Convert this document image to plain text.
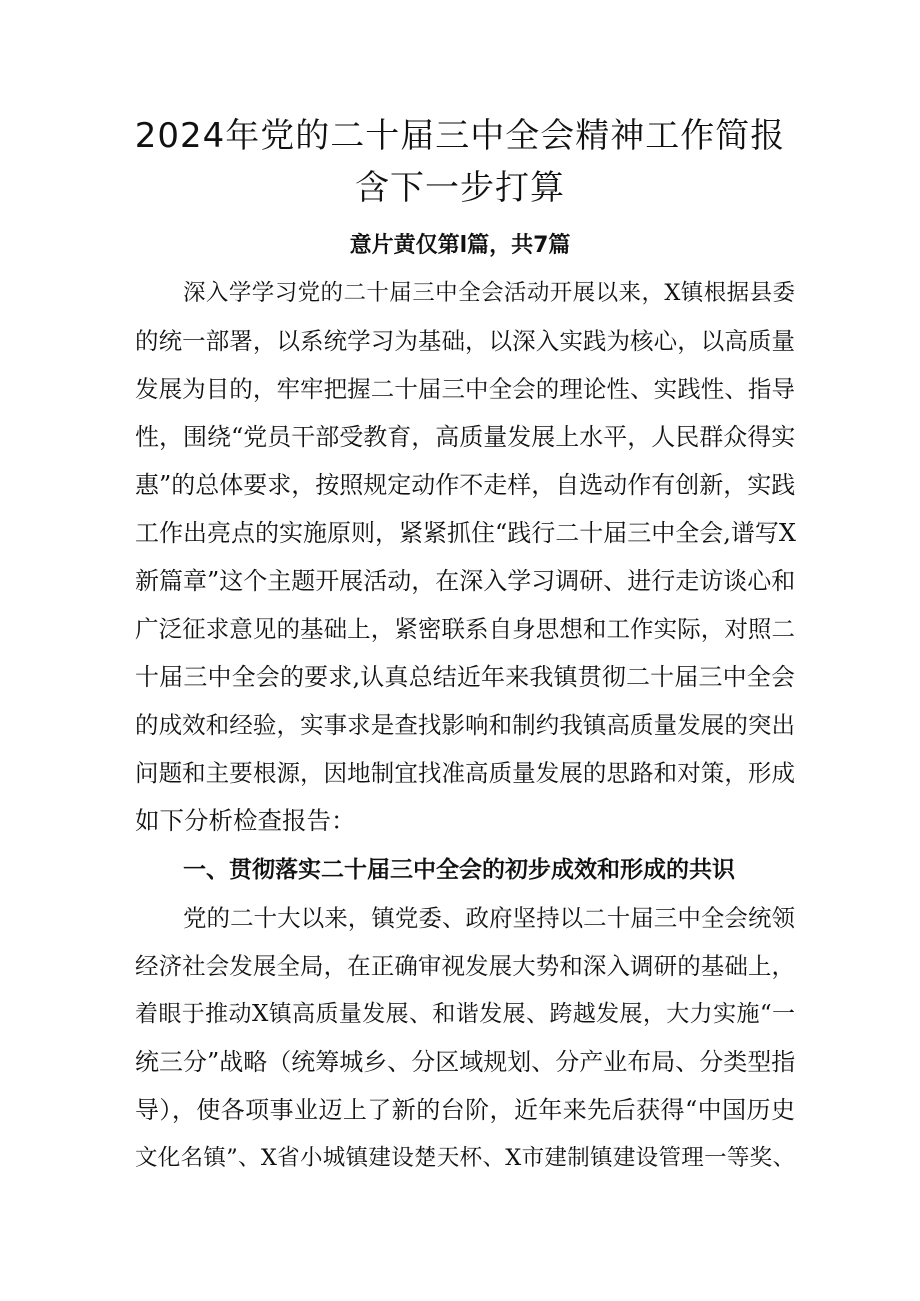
2024年党的二十届三中全会精神工作简报
含下一步打算
意片黄仅第l篇，共7篇
深入学学习党的二十届三中全会活动开展以来，X镇根据县委
的统一部署，以系统学习为基础，以深入实践为核心，以高质量
发展为目的，牢牢把握二十届三中全会的理论性、实践性、指导
性，围绕“党员干部受教育，高质量发展上水平，人民群众得实
惠”的总体要求，按照规定动作不走样，自选动作有创新，实践
工作出亮点的实施原则，紧紧抓住“践行二十届三中全会,谱写X
新篇章”这个主题开展活动，在深入学习调研、进行走访谈心和
广泛征求意见的基础上，紧密联系自身思想和工作实际，对照二
十届三中全会的要求,认真总结近年来我镇贯彻二十届三中全会
的成效和经验，实事求是查找影响和制约我镇高质量发展的突出
问题和主要根源，因地制宜找准高质量发展的思路和对策，形成
如下分析检查报告：
一、贯彻落实二十届三中全会的初步成效和形成的共识
党的二十大以来，镇党委、政府坚持以二十届三中全会统领
经济社会发展全局，在正确审视发展大势和深入调研的基础上，
着眼于推动X镇高质量发展、和谐发展、跨越发展，大力实施“一
统三分”战略（统筹城乡、分区域规划、分产业布局、分类型指
导），使各项事业迈上了新的台阶，近年来先后获得“中国历史
文化名镇”、X省小城镇建设楚天杯、X市建制镇建设管理一等奖、
